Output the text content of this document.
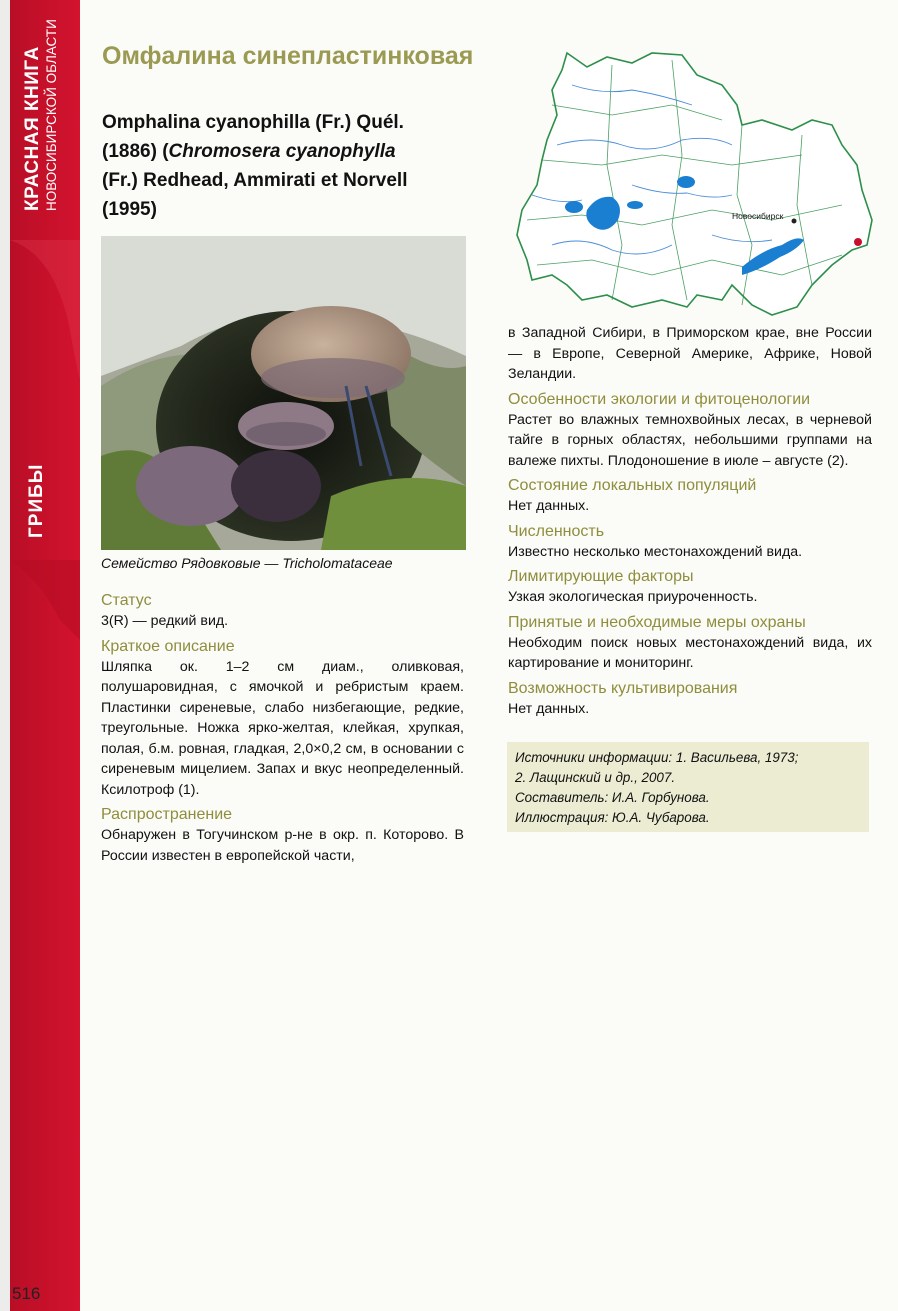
КРАСНАЯ КНИГА НОВОСИБИРСКОЙ ОБЛАСТИ
ГРИБЫ
Омфалина синепластинковая
Omphalina cyanophilla (Fr.) Quél.
(1886) (Chromosera cyanophylla
(Fr.) Redhead, Ammirati et Norvell
(1995)
Семейство Рядовковые — Tricholomataceae
Статус
3(R) — редкий вид.
Краткое описание
Шляпка ок. 1–2 см диам., оливковая, полушаровидная, с ямочкой и ребристым краем. Пластинки сиреневые, слабо низбегающие, редкие, треугольные. Ножка ярко-желтая, клейкая, хрупкая, полая, б.м. ровная, гладкая, 2,0×0,2 см, в основании с сиреневым мицелием. Запах и вкус неопределенный. Ксилотроф (1).
Распространение
Обнаружен в Тогучинском р-не в окр. п. Которово. В России известен в европейской части,
Новосибирск
в Западной Сибири, в Приморском крае, вне России — в Европе, Северной Америке, Африке, Новой Зеландии.
Особенности экологии и фитоценологии
Растет во влажных темнохвойных лесах, в черневой тайге в горных областях, небольшими группами на валеже пихты. Плодоношение в июле – августе (2).
Состояние локальных популяций
Нет данных.
Численность
Известно несколько местонахождений вида.
Лимитирующие факторы
Узкая экологическая приуроченность.
Принятые и необходимые меры охраны
Необходим поиск новых местонахождений вида, их картирование и мониторинг.
Возможность культивирования
Нет данных.
Источники информации: 1. Васильева, 1973;
2. Лащинский и др., 2007.
Составитель: И.А. Горбунова.
Иллюстрация: Ю.А. Чубарова.
516
